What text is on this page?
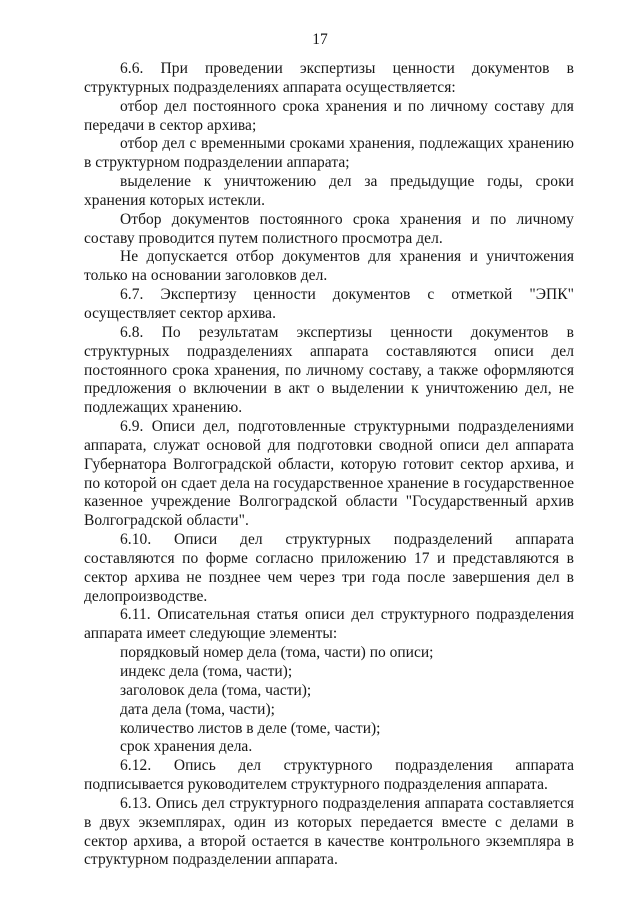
17

6.6. При проведении экспертизы ценности документов в структурных подразделениях аппарата осуществляется:

отбор дел постоянного срока хранения и по личному составу для передачи в сектор архива;

отбор дел с временными сроками хранения, подлежащих хранению в структурном подразделении аппарата;

выделение к уничтожению дел за предыдущие годы, сроки хранения которых истекли.

Отбор документов постоянного срока хранения и по личному составу проводится путем полистного просмотра дел.

Не допускается отбор документов для хранения и уничтожения только на основании заголовков дел.

6.7. Экспертизу ценности документов с отметкой "ЭПК" осуществляет сектор архива.

6.8. По результатам экспертизы ценности документов в структурных подразделениях аппарата составляются описи дел постоянного срока хранения, по личному составу, а также оформляются предложения о включении в акт о выделении к уничтожению дел, не подлежащих хранению.

6.9. Описи дел, подготовленные структурными подразделениями аппарата, служат основой для подготовки сводной описи дел аппарата Губернатора Волгоградской области, которую готовит сектор архива, и по которой он сдает дела на государственное хранение в государственное казенное учреждение Волгоградской области "Государственный архив Волгоградской области".

6.10. Описи дел структурных подразделений аппарата составляются по форме согласно приложению 17 и представляются в сектор архива не позднее чем через три года после завершения дел в делопроизводстве.

6.11. Описательная статья описи дел структурного подразделения аппарата имеет следующие элементы:

порядковый номер дела (тома, части) по описи;

индекс дела (тома, части);

заголовок дела (тома, части);

дата дела (тома, части);

количество листов в деле (томе, части);

срок хранения дела.

6.12. Опись дел структурного подразделения аппарата подписывается руководителем структурного подразделения аппарата.

6.13. Опись дел структурного подразделения аппарата составляется в двух экземплярах, один из которых передается вместе с делами в сектор архива, а второй остается в качестве контрольного экземпляра в структурном подразделении аппарата.
